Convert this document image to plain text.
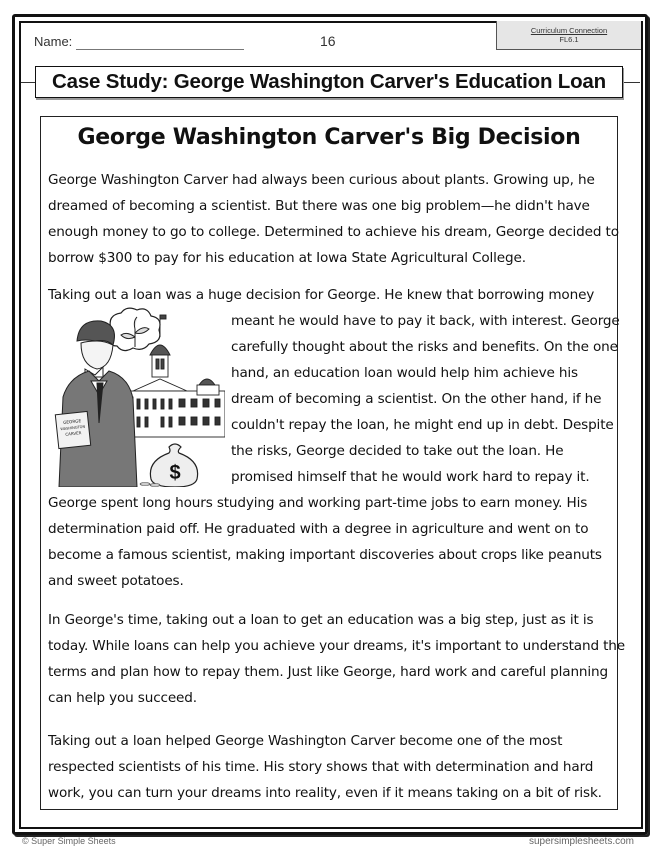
Name:	16
Curriculum Connection
FL6.1
Case Study: George Washington Carver's Education Loan
George Washington Carver's Big Decision
George Washington Carver had always been curious about plants. Growing up, he
dreamed of becoming a scientist. But there was one big problem—he didn't have
enough money to go to college. Determined to achieve his dream, George decided to
borrow $300 to pay for his education at Iowa State Agricultural College.
Taking out a loan was a huge decision for George. He knew that borrowing money
meant he would have to pay it back, with interest. George
carefully thought about the risks and benefits. On the one
hand, an education loan would help him achieve his
dream of becoming a scientist. On the other hand, if he
couldn't repay the loan, he might end up in debt. Despite
the risks, George decided to take out the loan. He
promised himself that he would work hard to repay it.
George spent long hours studying and working part-time jobs to earn money. His
determination paid off. He graduated with a degree in agriculture and went on to
become a famous scientist, making important discoveries about crops like peanuts
and sweet potatoes.
In George's time, taking out a loan to get an education was a big step, just as it is
today. While loans can help you achieve your dreams, it's important to understand the
terms and plan how to repay them. Just like George, hard work and careful planning
can help you succeed.
Taking out a loan helped George Washington Carver become one of the most
respected scientists of his time. His story shows that with determination and hard
work, you can turn your dreams into reality, even if it means taking on a bit of risk.
$
GEORGE
WASHINGTON
CARVER
© Super Simple Sheets	supersimplesheets.com
